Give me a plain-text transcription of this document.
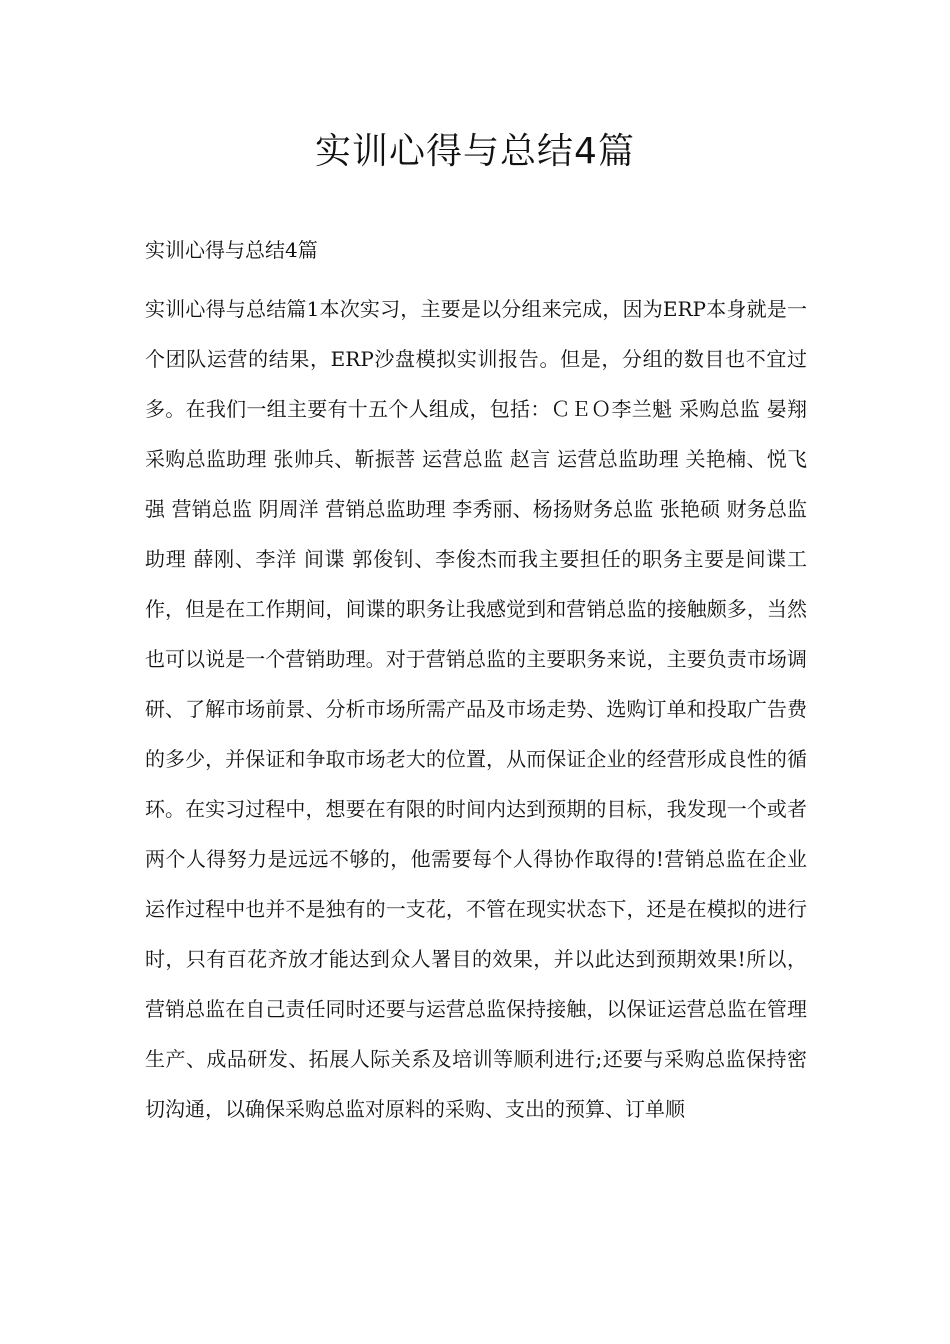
实训心得与总结4篇

实训心得与总结4篇

实训心得与总结篇1本次实习，主要是以分组来完成，因为ERP本身就是一个团队运营的结果，ERP沙盘模拟实训报告。但是，分组的数目也不宜过多。在我们一组主要有十五个人组成，包括：ＣＥＯ李兰魁 采购总监 晏翔 采购总监助理 张帅兵、靳振菩 运营总监 赵言 运营总监助理 关艳楠、悦飞强 营销总监 阴周洋 营销总监助理 李秀丽、杨扬财务总监 张艳硕 财务总监助理 薛刚、李洋 间谍 郭俊钊、李俊杰而我主要担任的职务主要是间谍工作，但是在工作期间，间谍的职务让我感觉到和营销总监的接触颇多，当然也可以说是一个营销助理。对于营销总监的主要职务来说，主要负责市场调研、了解市场前景、分析市场所需产品及市场走势、选购订单和投取广告费的多少，并保证和争取市场老大的位置，从而保证企业的经营形成良性的循环。在实习过程中，想要在有限的时间内达到预期的目标，我发现一个或者两个人得努力是远远不够的，他需要每个人得协作取得的!营销总监在企业运作过程中也并不是独有的一支花，不管在现实状态下，还是在模拟的进行时，只有百花齐放才能达到众人署目的效果，并以此达到预期效果!所以，营销总监在自己责任同时还要与运营总监保持接触，以保证运营总监在管理生产、成品研发、拓展人际关系及培训等顺利进行;还要与采购总监保持密切沟通，以确保采购总监对原料的采购、支出的预算、订单顺
